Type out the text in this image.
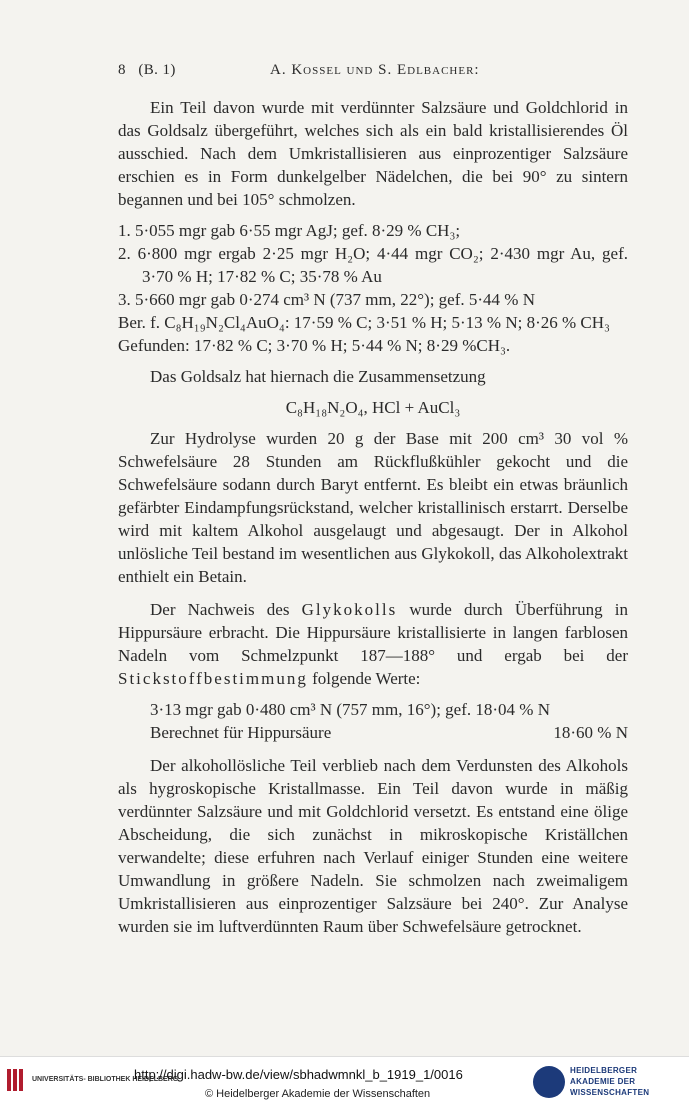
8 (B. 1)	A. Kossel und S. Edlbacher:

Ein Teil davon wurde mit verdünnter Salzsäure und Goldchlorid in das Goldsalz übergeführt, welches sich als ein bald kristallisierendes Öl ausschied. Nach dem Umkristallisieren aus einprozentiger Salzsäure erschien es in Form dunkelgelber Nädelchen, die bei 90° zu sintern begannen und bei 105° schmolzen.

1. 5·055 mgr gab 6·55 mgr AgJ; gef. 8·29 % CH₃;

2. 6·800 mgr ergab 2·25 mgr H₂O; 4·44 mgr CO₂; 2·430 mgr Au, gef. 3·70 % H; 17·82 % C; 35·78 % Au

3. 5·660 mgr gab 0·274 cm³ N (737 mm, 22°); gef. 5·44 % N

Ber. f. C₈H₁₉N₂Cl₄AuO₄: 17·59 % C; 3·51 % H; 5·13 % N; 8·26 % CH₃

Gefunden: 17·82 % C; 3·70 % H; 5·44 % N; 8·29 %CH₃.

Das Goldsalz hat hiernach die Zusammensetzung

C₈H₁₈N₂O₄, HCl + AuCl₃

Zur Hydrolyse wurden 20 g der Base mit 200 cm³ 30 vol % Schwefelsäure 28 Stunden am Rückflußkühler gekocht und die Schwefelsäure sodann durch Baryt entfernt. Es bleibt ein etwas bräunlich gefärbter Eindampfungsrückstand, welcher kristallinisch erstarrt. Derselbe wird mit kaltem Alkohol ausgelaugt und abgesaugt. Der in Alkohol unlösliche Teil bestand im wesentlichen aus Glykokoll, das Alkoholextrakt enthielt ein Betain.

Der Nachweis des Glykokolls wurde durch Überführung in Hippursäure erbracht. Die Hippursäure kristallisierte in langen farblosen Nadeln vom Schmelzpunkt 187—188° und ergab bei der Stickstoffbestimmung folgende Werte:

3·13 mgr gab 0·480 cm³ N (757 mm, 16°); gef. 18·04 % N

Berechnet für Hippursäure	18·60 % N

Der alkohollösliche Teil verblieb nach dem Verdunsten des Alkohols als hygroskopische Kristallmasse. Ein Teil davon wurde in mäßig verdünnter Salzsäure und mit Goldchlorid versetzt. Es entstand eine ölige Abscheidung, die sich zunächst in mikroskopische Kriställchen verwandelte; diese erfuhren nach Verlauf einiger Stunden eine weitere Umwandlung in größere Nadeln. Sie schmolzen nach zweimaligem Umkristallisieren aus einprozentiger Salzsäure bei 240°. Zur Analyse wurden sie im luftverdünnten Raum über Schwefelsäure getrocknet.

UNIVERSITÄTS- BIBLIOTHEK HEIDELBERG
http://digi.hadw-bw.de/view/sbhadwmnkl_b_1919_1/0016
© Heidelberger Akademie der Wissenschaften
HEIDELBERGER AKADEMIE DER WISSENSCHAFTEN
